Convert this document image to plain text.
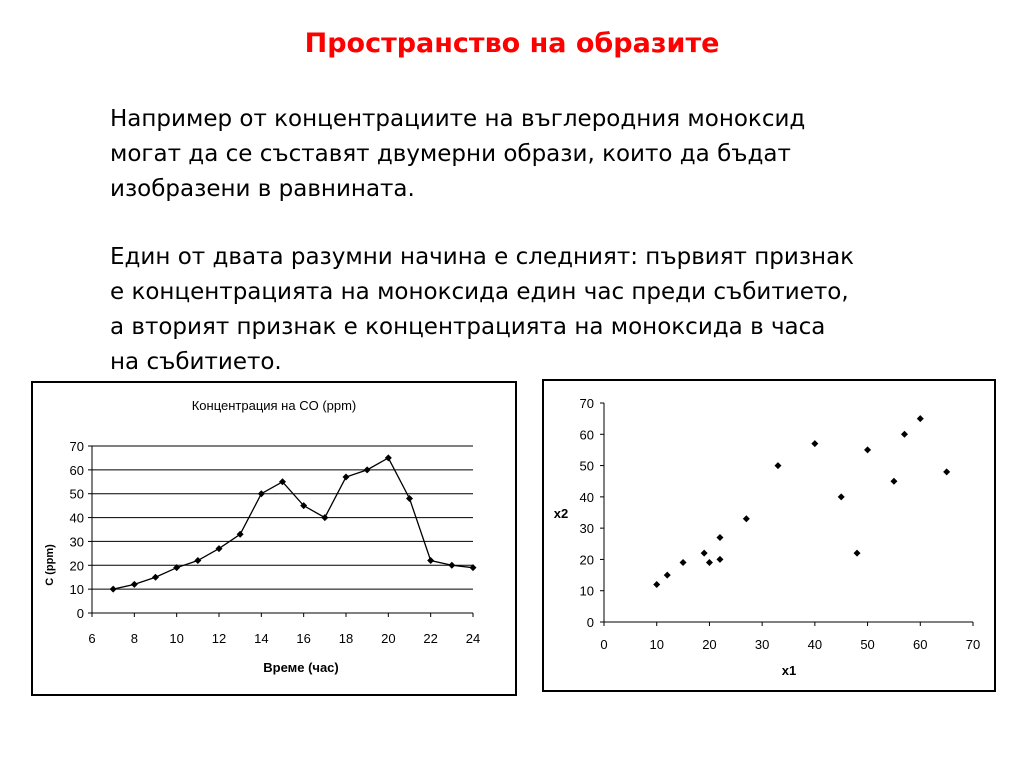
Пространство на образите
Например от концентрациите на въглеродния моноксид
могат да се съставят двумерни образи, които да бъдат
изобразени в равнината.
Един от двата разумни начина е следният: първият признак
е концентрацията на моноксида един час преди събитието,
а вторият признак е концентрацията на моноксида в часа
на събитието.
Концентрация на CO (ppm)
Време (час)
C (ppm)
0
10
20
30
40
50
60
70
6	8 10 12 14 16 18 20 22 24
x1
x2
0
10
20
30
40
50
60
70
0	10	20	30	40	50	60	70
